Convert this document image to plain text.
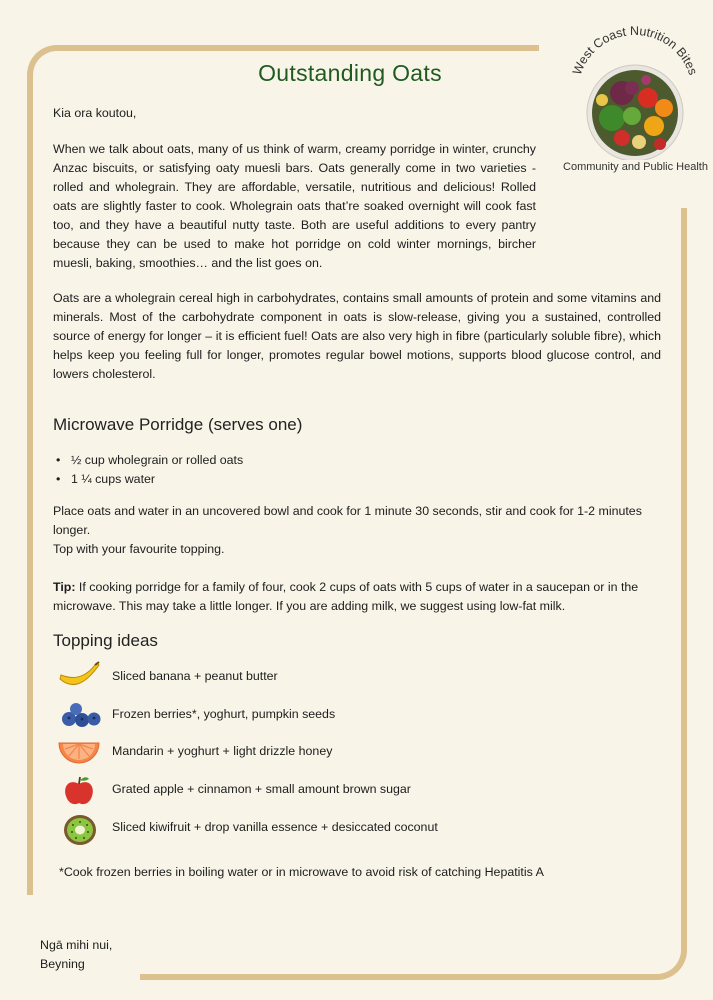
Outstanding Oats	West Coast Nutrition Bites
Community and Public Health

Kia ora koutou,

When we talk about oats, many of us think of warm, creamy porridge in winter, crunchy Anzac biscuits, or satisfying oaty muesli bars. Oats generally come in two varieties - rolled and wholegrain. They are affordable, versatile, nutritious and delicious! Rolled oats are slightly faster to cook. Wholegrain oats that’re soaked overnight will cook fast too, and they have a beautiful nutty taste. Both are useful additions to every pantry because they can be used to make hot porridge on cold winter mornings, bircher muesli, baking, smoothies… and the list goes on.

Oats are a wholegrain cereal high in carbohydrates, contains small amounts of protein and some vitamins and minerals. Most of the carbohydrate component in oats is slow-release, giving you a sustained, controlled source of energy for longer – it is efficient fuel! Oats are also very high in fibre (particularly soluble fibre), which helps keep you feeling full for longer, promotes regular bowel motions, supports blood glucose control, and lowers cholesterol.

Microwave Porridge (serves one)
• ½ cup wholegrain or rolled oats
• 1 ¼ cups water

Place oats and water in an uncovered bowl and cook for 1 minute 30 seconds, stir and cook for 1-2 minutes longer.

Top with your favourite topping.

Tip: If cooking porridge for a family of four, cook 2 cups of oats with 5 cups of water in a saucepan or in the microwave. This may take a little longer. If you are adding milk, we suggest using low-fat milk.

Topping ideas
Sliced banana + peanut butter
Frozen berries*, yoghurt, pumpkin seeds
Mandarin + yoghurt + light drizzle honey
Grated apple + cinnamon + small amount brown sugar
Sliced kiwifruit + drop vanilla essence + desiccated coconut

*Cook frozen berries in boiling water or in microwave to avoid risk of catching Hepatitis A

Ngā mihi nui,
Beyning
